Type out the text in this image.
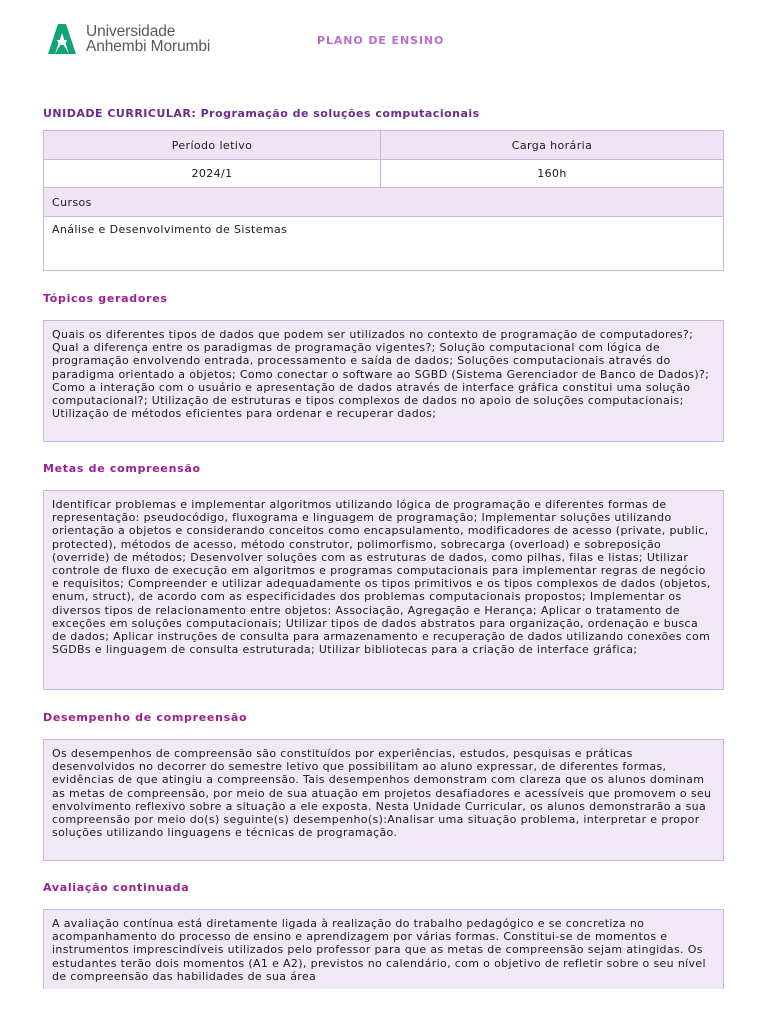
Universidade
Anhembi Morumbi	PLANO DE ENSINO
UNIDADE CURRICULAR: Programação de soluções computacionais
Período letivo	Carga horária
2024/1	160h
Cursos	
Análise e Desenvolvimento de Sistemas	
Tópicos geradores
Quais os diferentes tipos de dados que podem ser utilizados no contexto de programação de computadores?; Qual a diferença entre os paradigmas de programação vigentes?; Solução computacional com lógica de programação envolvendo entrada, processamento e saída de dados; Soluções computacionais através do paradigma orientado a objetos; Como conectar o software ao SGBD (Sistema Gerenciador de Banco de Dados)?; Como a interação com o usuário e apresentação de dados através de interface gráfica constitui uma solução computacional?; Utilização de estruturas e tipos complexos de dados no apoio de soluções computacionais; Utilização de métodos eficientes para ordenar e recuperar dados;
Metas de compreensão
Identificar problemas e implementar algoritmos utilizando lógica de programação e diferentes formas de representação: pseudocódigo, fluxograma e linguagem de programação; Implementar soluções utilizando orientação a objetos e considerando conceitos como encapsulamento, modificadores de acesso (private, public, protected), métodos de acesso, método construtor, polimorfismo, sobrecarga (overload) e sobreposição (override) de métodos; Desenvolver soluções com as estruturas de dados, como pilhas, filas e listas; Utilizar controle de fluxo de execução em algoritmos e programas computacionais para implementar regras de negócio e requisitos; Compreender e utilizar adequadamente os tipos primitivos e os tipos complexos de dados (objetos, enum, struct), de acordo com as especificidades dos problemas computacionais propostos; Implementar os diversos tipos de relacionamento entre objetos: Associação, Agregação e Herança; Aplicar o tratamento de exceções em soluções computacionais; Utilizar tipos de dados abstratos para organização, ordenação e busca de dados; Aplicar instruções de consulta para armazenamento e recuperação de dados utilizando conexões com SGDBs e linguagem de consulta estruturada; Utilizar bibliotecas para a criação de interface gráfica;
Desempenho de compreensão
Os desempenhos de compreensão são constituídos por experiências, estudos, pesquisas e práticas desenvolvidos no decorrer do semestre letivo que possibilitam ao aluno expressar, de diferentes formas, evidências de que atingiu a compreensão. Tais desempenhos demonstram com clareza que os alunos dominam as metas de compreensão, por meio de sua atuação em projetos desafiadores e acessíveis que promovem o seu envolvimento reflexivo sobre a situação a ele exposta. Nesta Unidade Curricular, os alunos demonstrarão a sua compreensão por meio do(s) seguinte(s) desempenho(s):Analisar uma situação problema, interpretar e propor soluções utilizando linguagens e técnicas de programação.
Avaliação continuada
A avaliação contínua está diretamente ligada à realização do trabalho pedagógico e se concretiza no acompanhamento do processo de ensino e aprendizagem por várias formas. Constitui-se de momentos e instrumentos imprescindíveis utilizados pelo professor para que as metas de compreensão sejam atingidas. Os estudantes terão dois momentos (A1 e A2), previstos no calendário, com o objetivo de refletir sobre o seu nível de compreensão das habilidades de sua área
